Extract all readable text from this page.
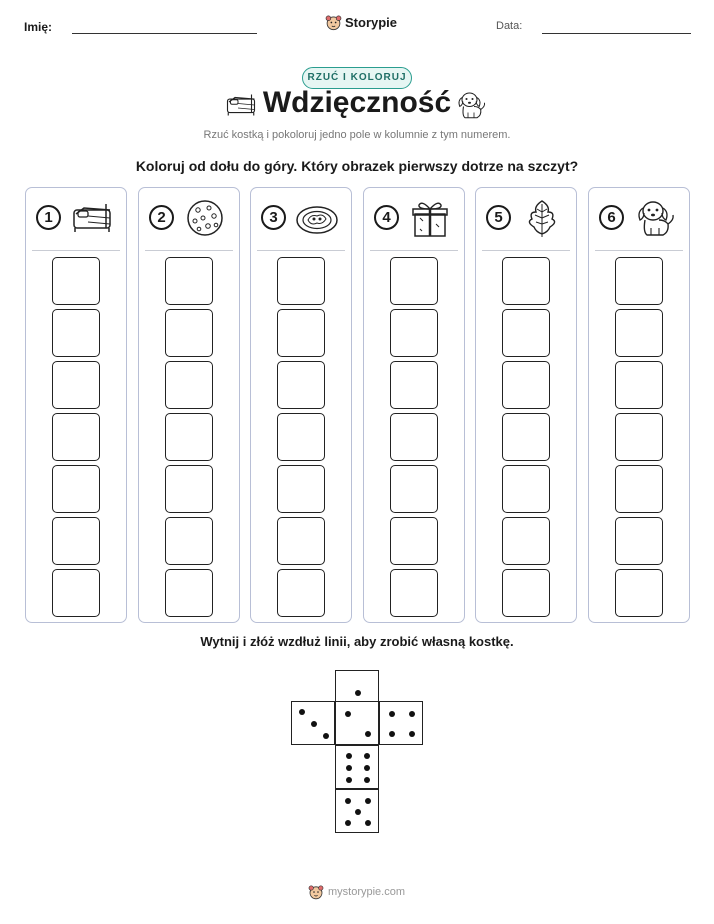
Imię:	Storypie	Data:
RZUĆ I KOLORUJ
Wdzięczność
Rzuć kostką i pokoloruj jedno pole w kolumnie z tym numerem.
Koloruj od dołu do góry. Który obrazek pierwszy dotrze na szczyt?
1	2	3	4	5	6
Wytnij i złóż wzdłuż linii, aby zrobić własną kostkę.
mystorypie.com
